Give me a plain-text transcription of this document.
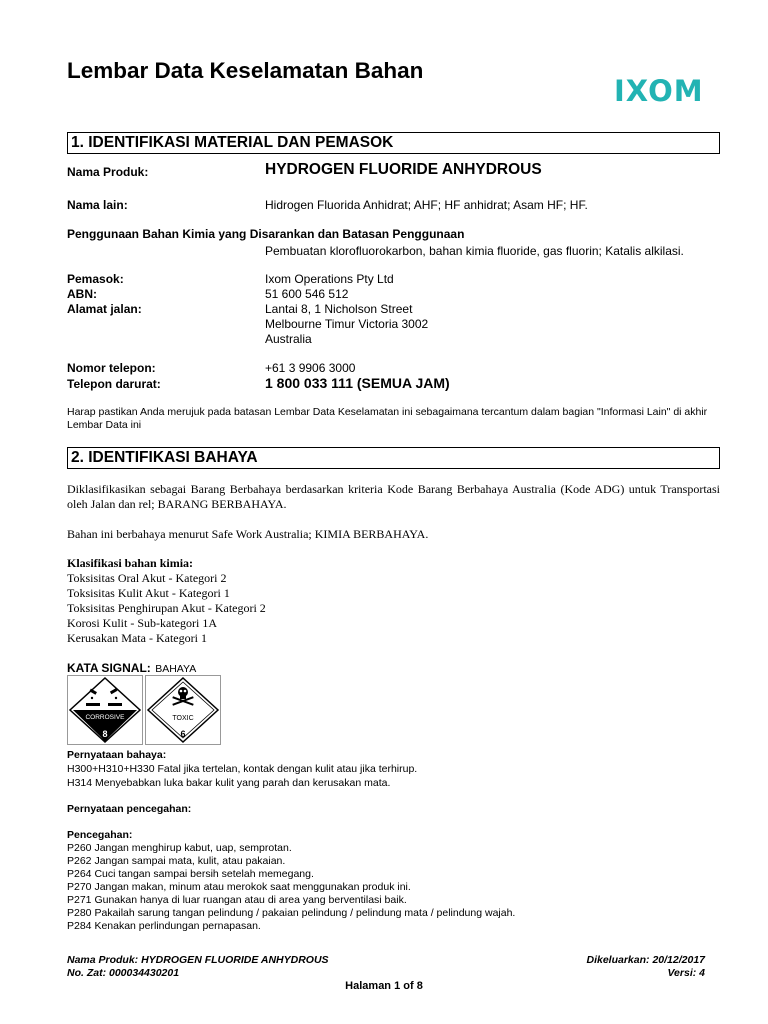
Lembar Data Keselamatan Bahan
IXOM
1. IDENTIFIKASI MATERIAL DAN PEMASOK
Nama Produk:	HYDROGEN FLUORIDE ANHYDROUS
Nama lain:	Hidrogen Fluorida Anhidrat; AHF; HF anhidrat; Asam HF; HF.
Penggunaan Bahan Kimia yang Disarankan dan Batasan Penggunaan
Pembuatan klorofluorokarbon, bahan kimia fluoride, gas fluorin; Katalis alkilasi.
Pemasok:	Ixom Operations Pty Ltd
ABN:	51 600 546 512
Alamat jalan:	Lantai 8, 1 Nicholson Street
Melbourne Timur Victoria 3002
Australia
Nomor telepon:	+61 3 9906 3000
Telepon darurat:	1 800 033 111 (SEMUA JAM)
Harap pastikan Anda merujuk pada batasan Lembar Data Keselamatan ini sebagaimana tercantum dalam bagian "Informasi Lain" di akhir Lembar Data ini
2. IDENTIFIKASI BAHAYA
Diklasifikasikan sebagai Barang Berbahaya berdasarkan kriteria Kode Barang Berbahaya Australia (Kode ADG) untuk Transportasi oleh Jalan dan rel; BARANG BERBAHAYA.
Bahan ini berbahaya menurut Safe Work Australia; KIMIA BERBAHAYA.
Klasifikasi bahan kimia:
Toksisitas Oral Akut - Kategori 2
Toksisitas Kulit Akut - Kategori 1
Toksisitas Penghirupan Akut - Kategori 2
Korosi Kulit - Sub-kategori 1A
Kerusakan Mata - Kategori 1
KATA SIGNAL: BAHAYA
CORROSIVE
8
TOXIC
6
Pernyataan bahaya:
H300+H310+H330 Fatal jika tertelan, kontak dengan kulit atau jika terhirup.
H314 Menyebabkan luka bakar kulit yang parah dan kerusakan mata.
Pernyataan pencegahan:
Pencegahan:
P260 Jangan menghirup kabut, uap, semprotan.
P262 Jangan sampai mata, kulit, atau pakaian.
P264 Cuci tangan sampai bersih setelah memegang.
P270 Jangan makan, minum atau merokok saat menggunakan produk ini.
P271 Gunakan hanya di luar ruangan atau di area yang berventilasi baik.
P280 Pakailah sarung tangan pelindung / pakaian pelindung / pelindung mata / pelindung wajah.
P284 Kenakan perlindungan pernapasan.
Nama Produk: HYDROGEN FLUORIDE ANHYDROUS
No. Zat: 000034430201
Dikeluarkan: 20/12/2017
Versi: 4
Halaman 1 of 8
